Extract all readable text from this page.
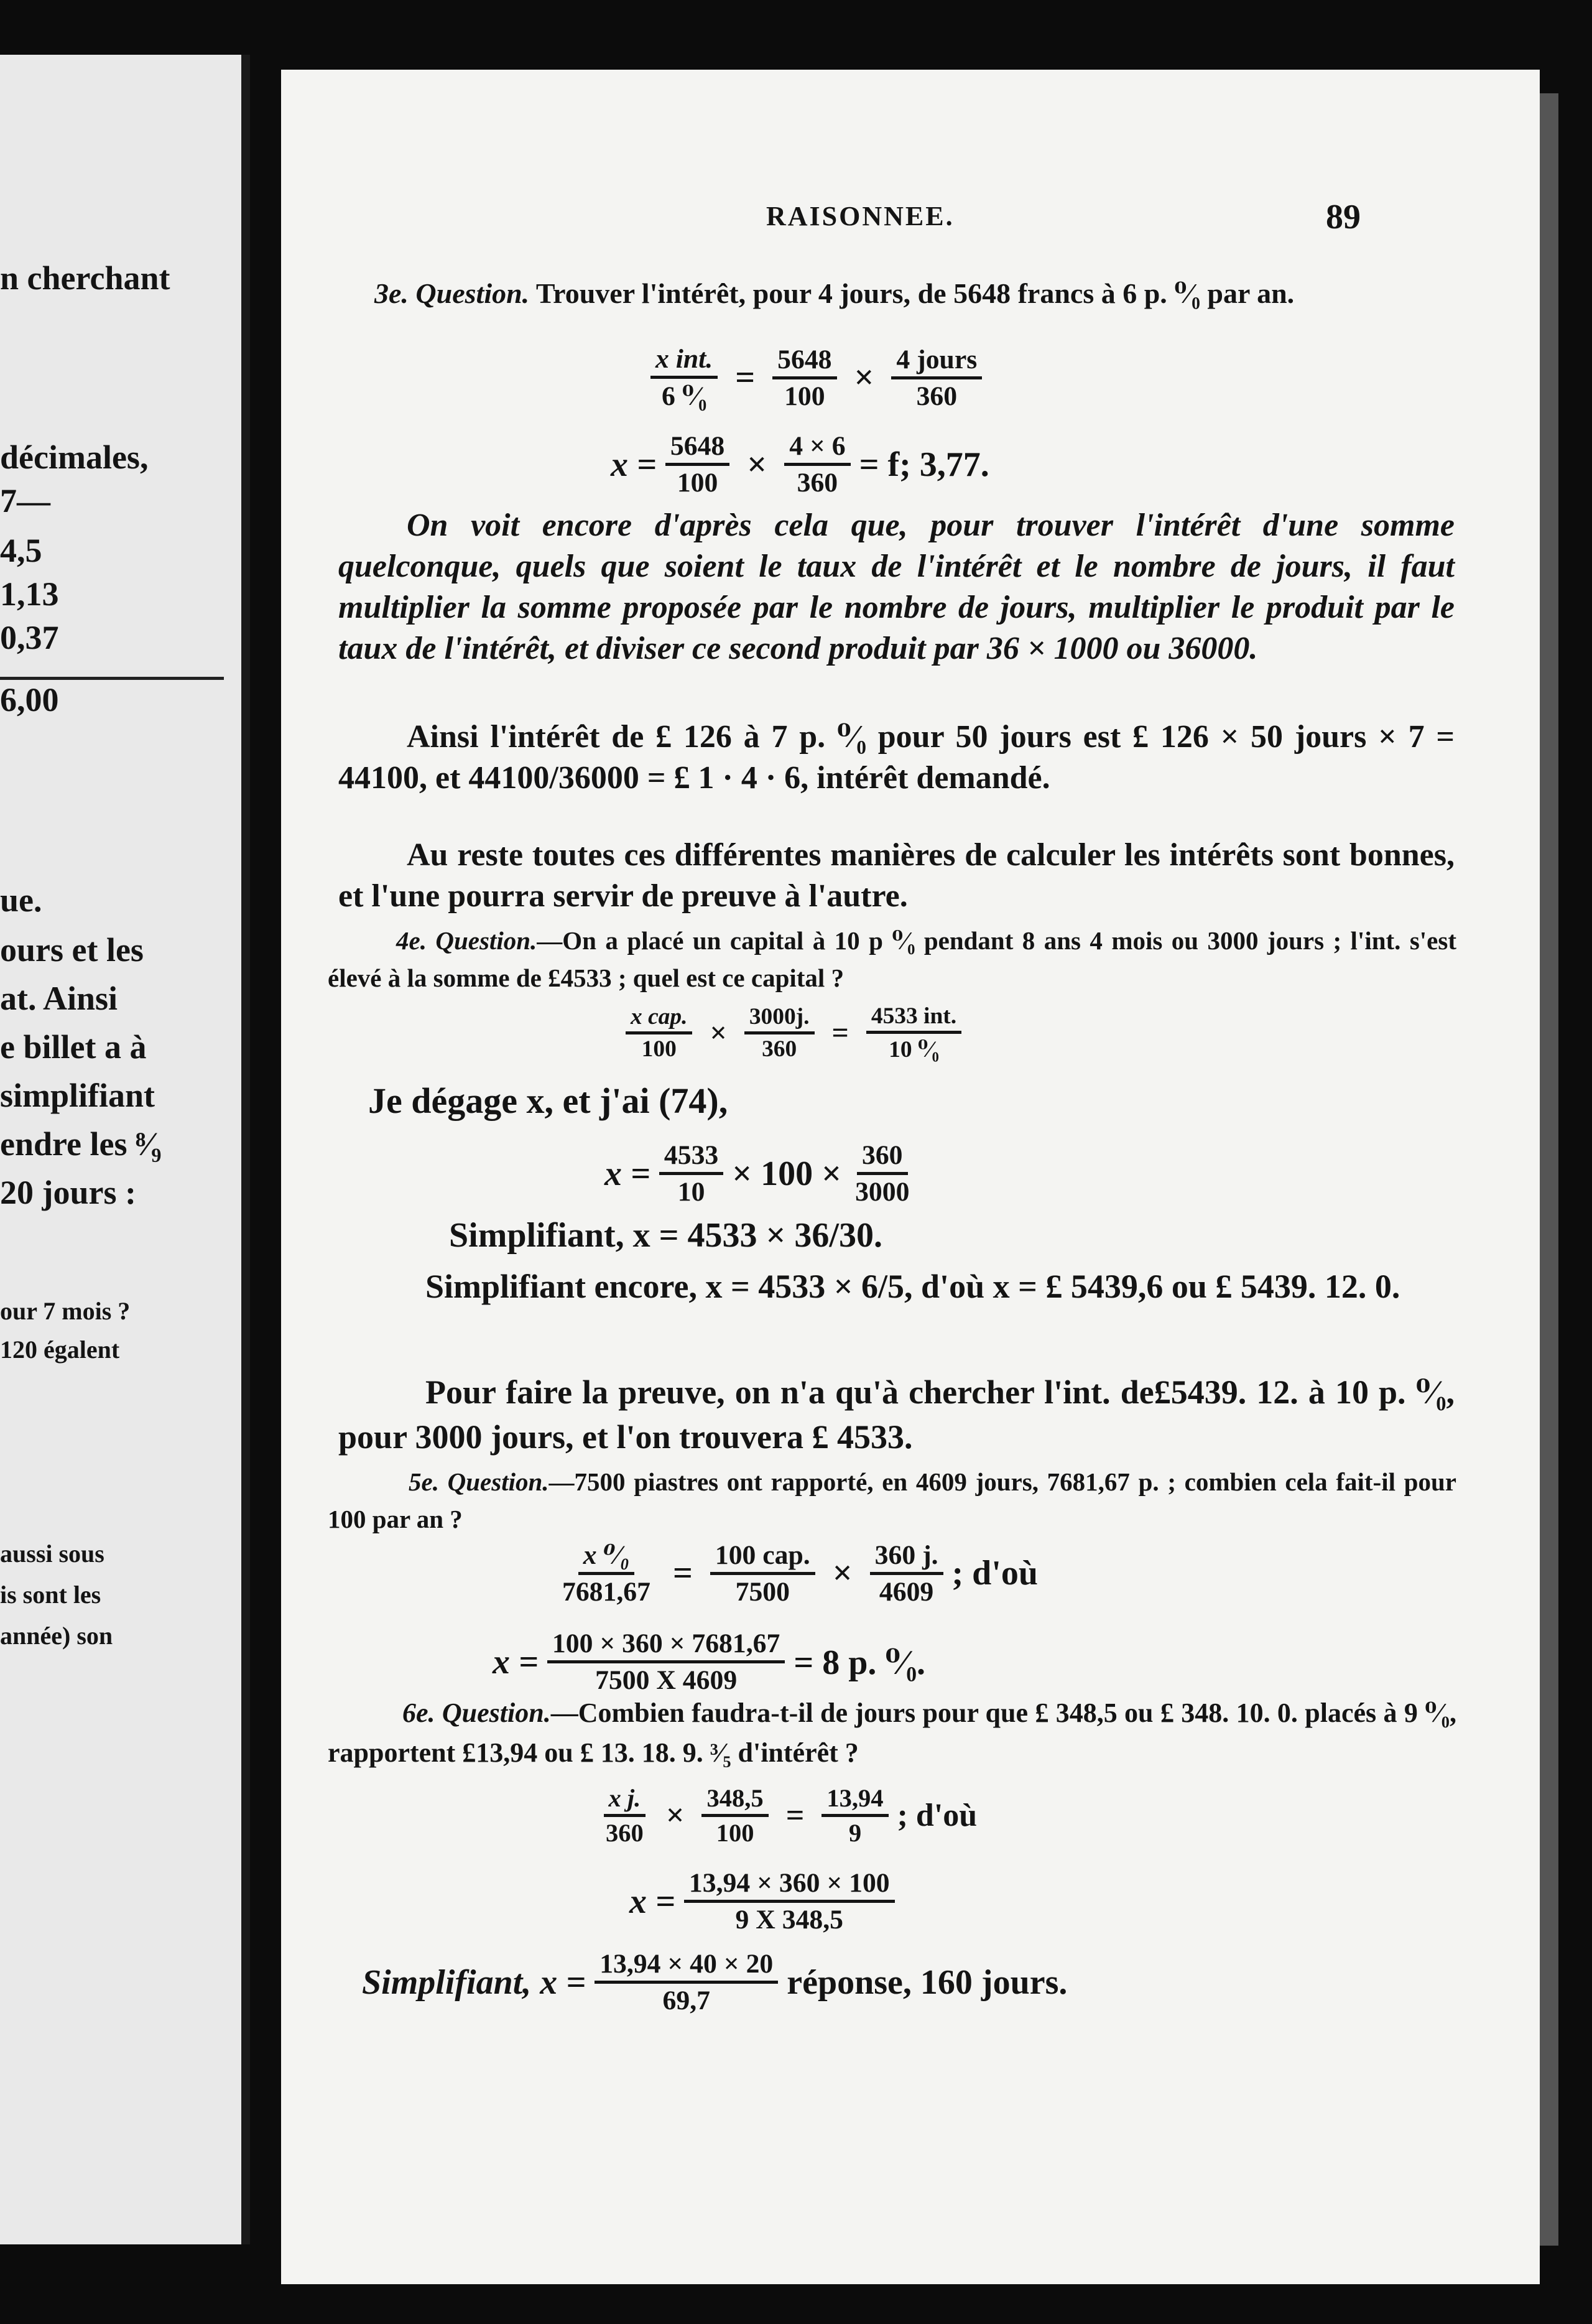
n cherchant
décimales,
7—
4,5
1,13
0,37
6,00
ue.
ours et les
at. Ainsi
e billet a à
simplifiant
endre les ⁸⁄₉
20 jours :
our 7 mois ?
120 égalent
aussi sous
is sont les
année) son
RAISONNEE.	89
3e. Question. Trouver l'intérêt, pour 4 jours, de 5648 francs à 6 p. ⁰⁄₀ par an.
$\frac{\text{x int.}}{\text{6 ⁰⁄₀}} = \frac{5648}{100} \times \frac{\text{4 jours}}{360}$
$x = \frac{5648}{100} \times \frac{4 \times 6}{360} = f$; 3,77.
On voit encore d'après cela que, pour trouver l'intérêt d'une somme quelconque, quels que soient le taux de l'intérêt et le nombre de jours, il faut multiplier la somme proposée par le nombre de jours, multiplier le produit par le taux de l'intérêt, et diviser ce second produit par 36 × 1000 ou 36000.
Ainsi l'intérêt de £ 126 à 7 p. ⁰⁄₀ pour 50 jours est £ 126 × 50 jours × 7 = 44100, et 44100/36000 = £ 1 · 4 · 6, intérêt demandé.
Au reste toutes ces différentes manières de calculer les intérêts sont bonnes, et l'une pourra servir de preuve à l'autre.
4e. Question.—On a placé un capital à 10 p ⁰⁄₀ pendant 8 ans 4 mois ou 3000 jours ; l'int. s'est élevé à la somme de £4533 ; quel est ce capital ?
$\frac{\text{x cap.}}{100} \times \frac{3000j.}{360} = \frac{\text{4533 int.}}{\text{10 ⁰⁄₀}}$
Je dégage x, et j'ai (74),
$x = \frac{4533}{10} \times 100 \times \frac{360}{3000}$
Simplifiant, x = 4533 × 36/30.
Simplifiant encore, x = 4533 × 6/5, d'où x = £ 5439,6 ou £ 5439. 12. 0.
Pour faire la preuve, on n'a qu'à chercher l'int. de£5439. 12. à 10 p. ⁰⁄₀, pour 3000 jours, et l'on trouvera £ 4533.
5e. Question.—7500 piastres ont rapporté, en 4609 jours, 7681,67 p. ; combien cela fait-il pour 100 par an ?
$\frac{\text{x ⁰⁄₀}}{7681,67} = \frac{\text{100 cap.}}{7500} \times \frac{360 j.}{4609}$ ; d'où
$x = \frac{100 \times 360 \times 7681,67}{7500 X 4609} = 8$ p. ⁰⁄₀.
6e. Question.—Combien faudra-t-il de jours pour que £ 348,5 ou £ 348. 10. 0. placés à 9 ⁰⁄₀, rapportent £13,94 ou £ 13. 18. 9. ³⁄₅ d'intérêt ?
$\frac{\text{x j.}}{360} \times \frac{348,5}{100} = \frac{13,94}{9}$ ; d'où
$x = \frac{13,94 \times 360 \times 100}{9 X 348,5}$
Simplifiant, $x = \frac{13,94 \times 40 \times 20}{69,7}$ réponse, 160 jours.
